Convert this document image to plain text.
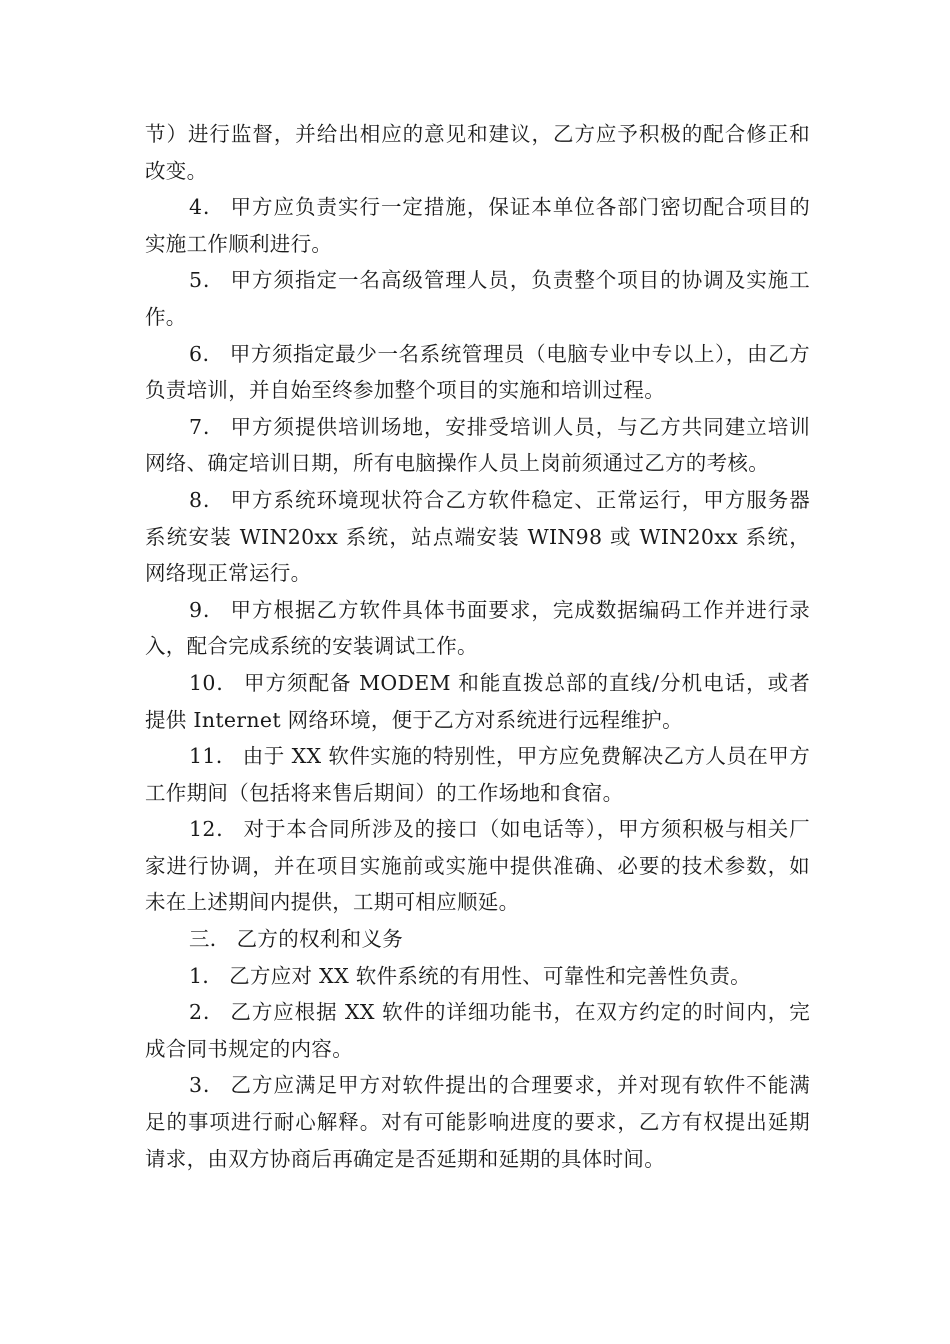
节）进行监督，并给出相应的意见和建议，乙方应予积极的配合修正和改变。

4． 甲方应负责实行一定措施，保证本单位各部门密切配合项目的实施工作顺利进行。

5． 甲方须指定一名高级管理人员，负责整个项目的协调及实施工作。

6． 甲方须指定最少一名系统管理员（电脑专业中专以上），由乙方负责培训，并自始至终参加整个项目的实施和培训过程。

7． 甲方须提供培训场地，安排受培训人员，与乙方共同建立培训网络、确定培训日期，所有电脑操作人员上岗前须通过乙方的考核。

8． 甲方系统环境现状符合乙方软件稳定、正常运行，甲方服务器系统安装 WIN20xx 系统，站点端安装 WIN98 或 WIN20xx 系统，网络现正常运行。

9． 甲方根据乙方软件具体书面要求，完成数据编码工作并进行录入，配合完成系统的安装调试工作。

10． 甲方须配备 MODEM 和能直拨总部的直线/分机电话，或者提供 Internet 网络环境，便于乙方对系统进行远程维护。

11． 由于 XX 软件实施的特别性，甲方应免费解决乙方人员在甲方工作期间（包括将来售后期间）的工作场地和食宿。

12． 对于本合同所涉及的接口（如电话等），甲方须积极与相关厂家进行协调，并在项目实施前或实施中提供准确、必要的技术参数，如未在上述期间内提供，工期可相应顺延。

三． 乙方的权利和义务

1． 乙方应对 XX 软件系统的有用性、可靠性和完善性负责。

2． 乙方应根据 XX 软件的详细功能书，在双方约定的时间内，完成合同书规定的内容。

3． 乙方应满足甲方对软件提出的合理要求，并对现有软件不能满足的事项进行耐心解释。对有可能影响进度的要求，乙方有权提出延期请求，由双方协商后再确定是否延期和延期的具体时间。
